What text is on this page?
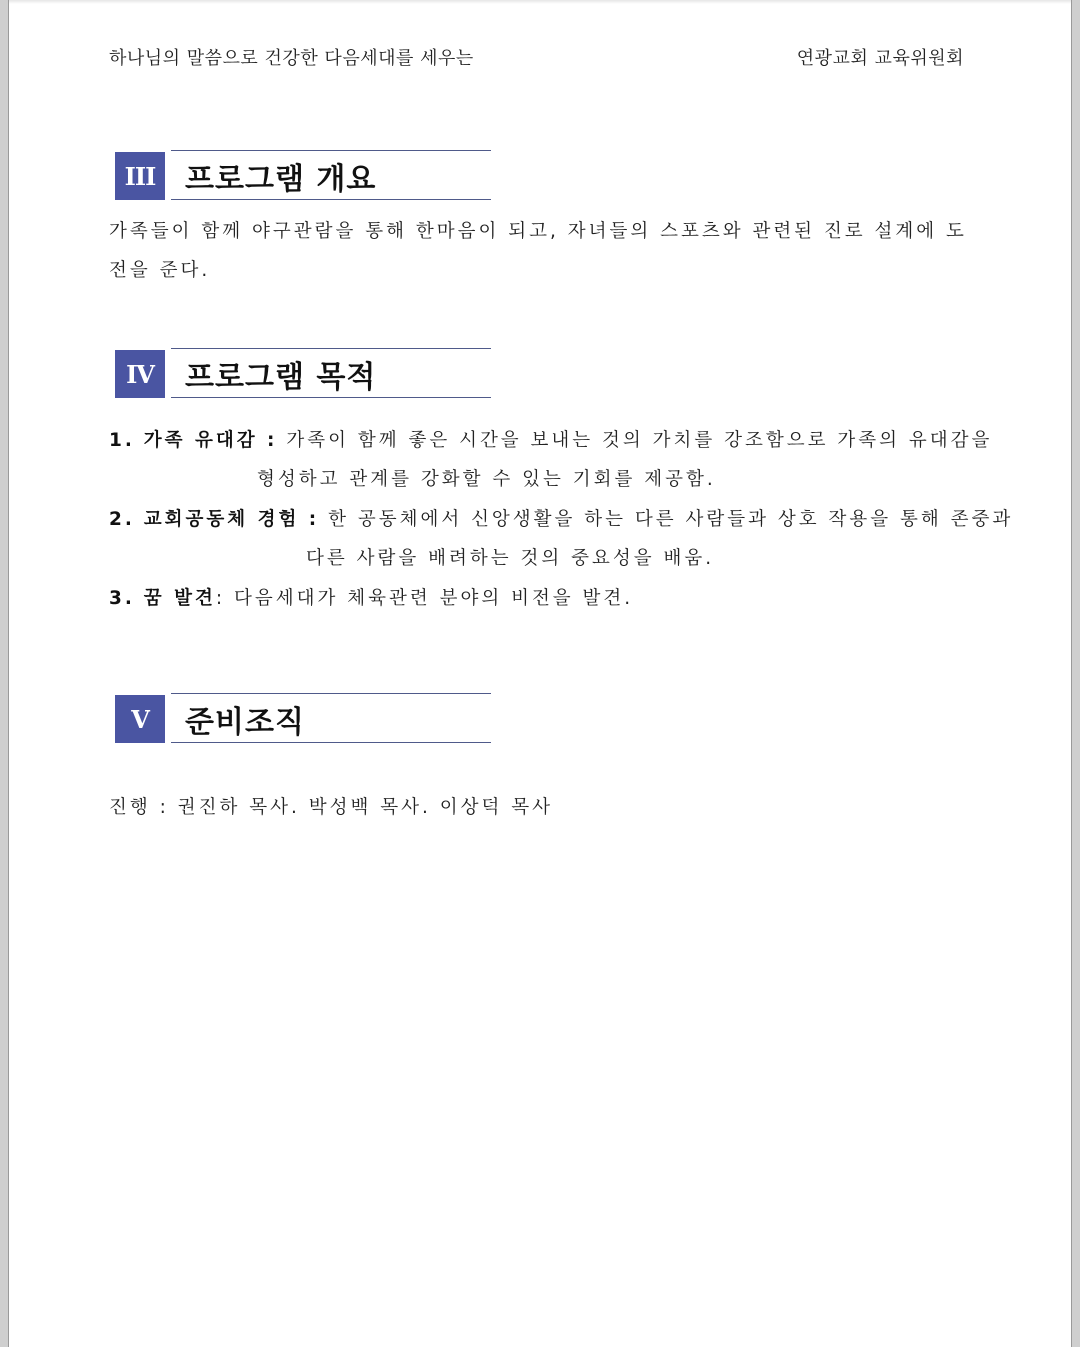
하나님의 말씀으로 건강한 다음세대를 세우는	연광교회 교육위원회
III 프로그램 개요
가족들이 함께 야구관람을 통해 한마음이 되고, 자녀들의 스포츠와 관련된 진로 설계에 도전을 준다.
IV	프로그램 목적
1. 가족 유대감 : 가족이 함께 좋은 시간을 보내는 것의 가치를 강조함으로 가족의 유대감을
형성하고 관계를 강화할 수 있는 기회를 제공함.
2. 교회공동체 경험 : 한 공동체에서 신앙생활을 하는 다른 사람들과 상호 작용을 통해 존중과
다른 사람을 배려하는 것의 중요성을 배움.
3. 꿈 발견: 다음세대가 체육관련 분야의 비전을 발견.
V	준비조직
진행 : 권진하 목사. 박성백 목사. 이상덕 목사
